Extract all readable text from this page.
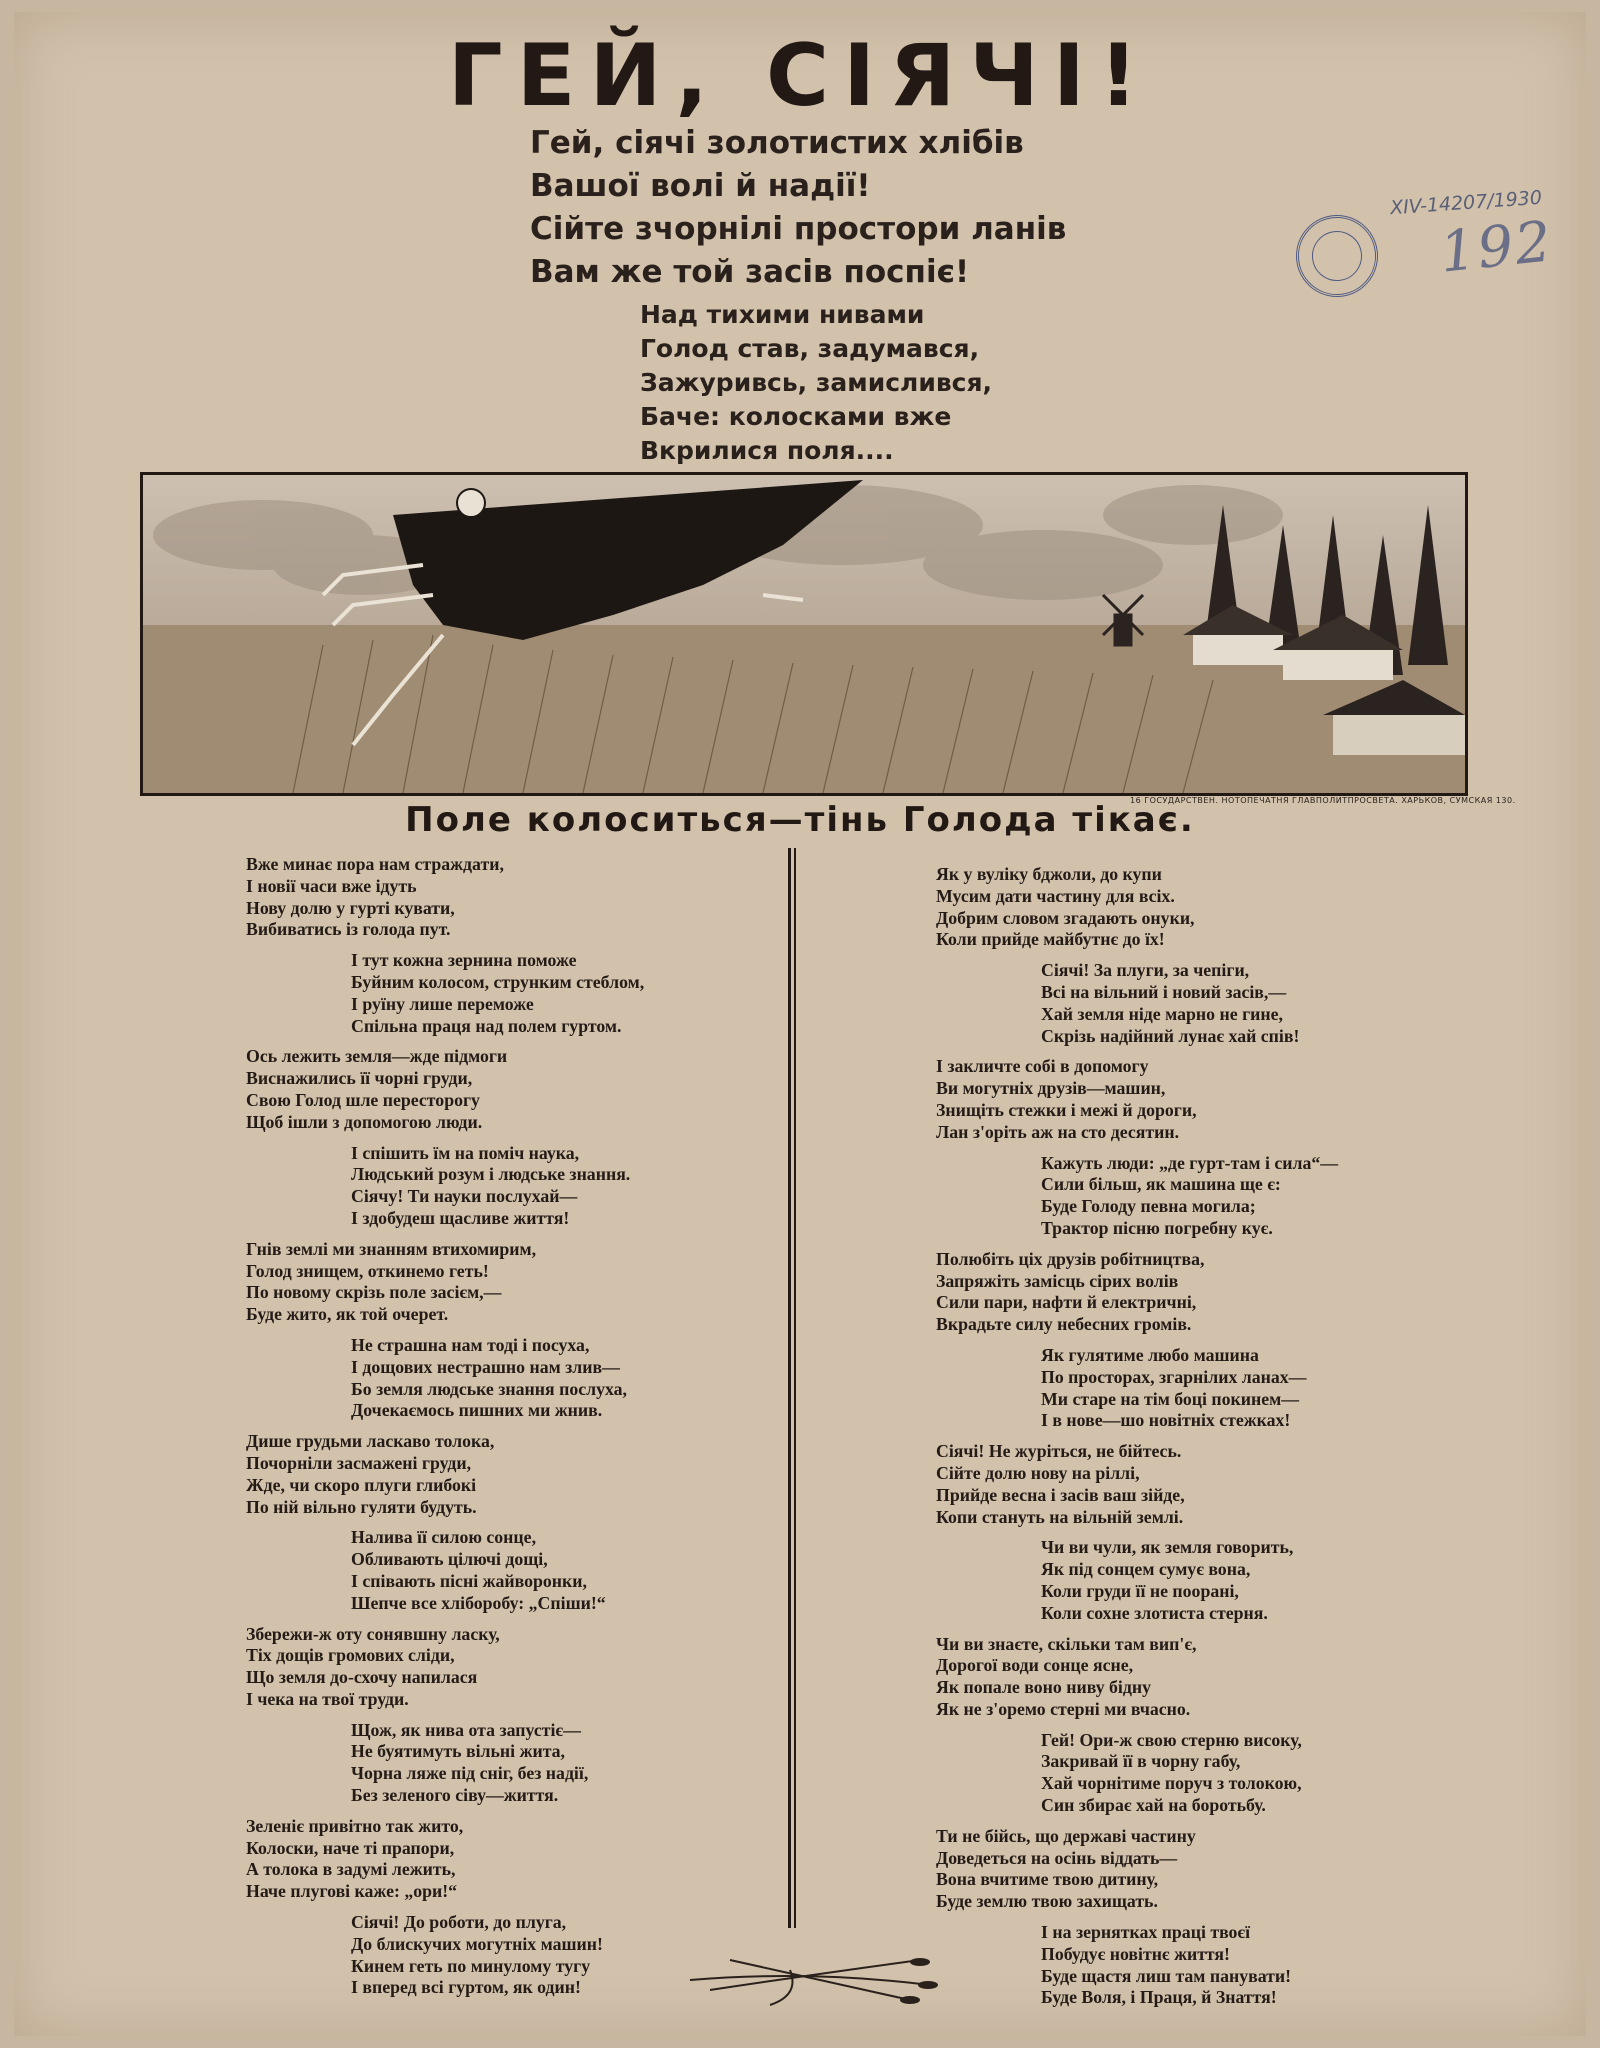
ГЕЙ, СІЯЧІ!
Гей, сіячі золотистих хлібів
Вашої волі й надії!
Сійте зчорнілі простори ланів
Вам же той засів поспіє!
Над тихими нивами
Голод став, задумався,
Зажуривсь, замислився,
Баче: колосками вже
Вкрилися поля....
XIV-14207/1930
192
16 ГОСУДАРСТВЕН. НОТОПЕЧАТНЯ ГЛАВПОЛИТПРОСВЕТА. ХАРЬКОВ, СУМСКАЯ 130.
Поле колоситься—тінь Голода тікає.
Вже минає пора нам страждати,
І новії часи вже ідуть
Нову долю у гурті кувати,
Вибиватись із голода пут.
І тут кожна зернина поможе
Буйним колосом, струнким стеблом,
І руїну лише переможе
Спільна праця над полем гуртом.
Ось лежить земля—жде підмоги
Виснажились її чорні груди,
Свою Голод шле пересторогу
Щоб ішли з допомогою люди.
І спішить їм на поміч наука,
Людський розум і людське знання.
Сіячу! Ти науки послухай—
І здобудеш щасливе життя!
Гнів землі ми знанням втихомирим,
Голод знищем, откинемо геть!
По новому скрізь поле засієм,—
Буде жито, як той очерет.
Не страшна нам тоді і посуха,
І дощових нестрашно нам злив—
Бо земля людське знання послуха,
Дочекаємось пишних ми жнив.
Дише грудьми ласкаво толока,
Почорніли засмажені груди,
Жде, чи скоро плуги глибокі
По ній вільно гуляти будуть.
Налива її силою сонце,
Обливають цілючі дощі,
І співають пісні жайворонки,
Шепче все хліборобу: „Спіши!“
Збережи-ж оту сонявшну ласку,
Тіх дощів громових сліди,
Що земля до-схочу напилася
І чека на твої труди.
Щож, як нива ота запустіє—
Не буятимуть вільні жита,
Чорна ляже під сніг, без надії,
Без зеленого сіву—життя.
Зеленіє привітно так жито,
Колоски, наче ті прапори,
А толока в задумі лежить,
Наче плугові каже: „ори!“
Сіячі! До роботи, до плуга,
До блискучих могутніх машин!
Кинем геть по минулому тугу
І вперед всі гуртом, як один!
Як у вуліку бджоли, до купи
Мусим дати частину для всіх.
Добрим словом згадають онуки,
Коли прийде майбутнє до їх!
Сіячі! За плуги, за чепіги,
Всі на вільний і новий засів,—
Хай земля ніде марно не гине,
Скрізь надійний лунає хай спів!
І закличте собі в допомогу
Ви могутніх друзів—машин,
Знищіть стежки і межі й дороги,
Лан з'оріть аж на сто десятин.
Кажуть люди: „де гурт-там і сила“—
Сили більш, як машина ще є:
Буде Голоду певна могила;
Трактор пісню погребну кує.
Полюбіть ціх друзів робітництва,
Запряжіть замісць сірих волів
Сили пари, нафти й електричні,
Вкрадьте силу небесних громів.
Як гулятиме любо машина
По просторах, згарнілих ланах—
Ми старе на тім боці покинем—
І в нове—шо новітніх стежках!
Сіячі! Не журіться, не бійтесь.
Сійте долю нову на ріллі,
Прийде весна і засів ваш зійде,
Копи стануть на вільній землі.
Чи ви чули, як земля говорить,
Як під сонцем сумує вона,
Коли груди її не поорані,
Коли сохне злотиста стерня.
Чи ви знаєте, скільки там вип'є,
Дорогої води сонце ясне,
Як попале воно ниву бідну
Як не з'оремо стерні ми вчасно.
Гей! Ори-ж свою стерню високу,
Закривай її в чорну габу,
Хай чорнітиме поруч з толокою,
Син збирає хай на боротьбу.
Ти не бійсь, що державі частину
Доведеться на осінь віддать—
Вона вчитиме твою дитину,
Буде землю твою захищать.
І на зернятках праці твоєї
Побудує новітнє життя!
Буде щастя лиш там панувати!
Буде Воля, і Праця, й Знаття!
